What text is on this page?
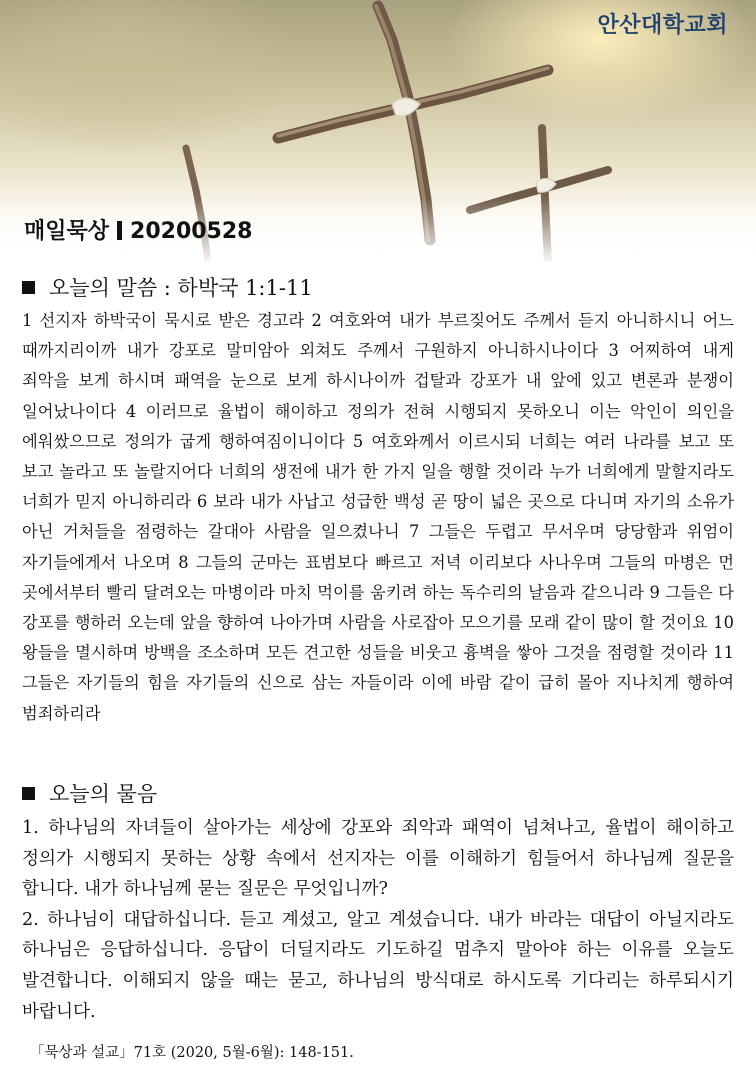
안산대학교회
매일묵상 20200528
오늘의 말씀 : 하박국 1:1-11
1 선지자 하박국이 묵시로 받은 경고라 2 여호와여 내가 부르짖어도 주께서 듣지 아니하시니 어느 때까지리이까 내가 강포로 말미암아 외쳐도 주께서 구원하지 아니하시나이다 3 어찌하여 내게 죄악을 보게 하시며 패역을 눈으로 보게 하시나이까 겁탈과 강포가 내 앞에 있고 변론과 분쟁이 일어났나이다 4 이러므로 율법이 해이하고 정의가 전혀 시행되지 못하오니 이는 악인이 의인을 에워쌌으므로 정의가 굽게 행하여짐이니이다 5 여호와께서 이르시되 너희는 여러 나라를 보고 또 보고 놀라고 또 놀랄지어다 너희의 생전에 내가 한 가지 일을 행할 것이라 누가 너희에게 말할지라도 너희가 믿지 아니하리라 6 보라 내가 사납고 성급한 백성 곧 땅이 넓은 곳으로 다니며 자기의 소유가 아닌 거처들을 점령하는 갈대아 사람을 일으켰나니 7 그들은 두렵고 무서우며 당당함과 위엄이 자기들에게서 나오며 8 그들의 군마는 표범보다 빠르고 저녁 이리보다 사나우며 그들의 마병은 먼 곳에서부터 빨리 달려오는 마병이라 마치 먹이를 움키려 하는 독수리의 날음과 같으니라 9 그들은 다 강포를 행하러 오는데 앞을 향하여 나아가며 사람을 사로잡아 모으기를 모래 같이 많이 할 것이요 10 왕들을 멸시하며 방백을 조소하며 모든 견고한 성들을 비웃고 흉벽을 쌓아 그것을 점령할 것이라 11 그들은 자기들의 힘을 자기들의 신으로 삼는 자들이라 이에 바람 같이 급히 몰아 지나치게 행하여 범죄하리라
오늘의 물음

1. 하나님의 자녀들이 살아가는 세상에 강포와 죄악과 패역이 넘쳐나고, 율법이 해이하고 정의가 시행되지 못하는 상황 속에서 선지자는 이를 이해하기 힘들어서 하나님께 질문을 합니다. 내가 하나님께 묻는 질문은 무엇입니까?

2. 하나님이 대답하십니다. 듣고 계셨고, 알고 계셨습니다. 내가 바라는 대답이 아닐지라도 하나님은 응답하십니다. 응답이 더딜지라도 기도하길 멈추지 말아야 하는 이유를 오늘도 발견합니다. 이해되지 않을 때는 묻고, 하나님의 방식대로 하시도록 기다리는 하루되시기 바랍니다.

「묵상과 설교」71호 (2020, 5월-6월): 148-151.
